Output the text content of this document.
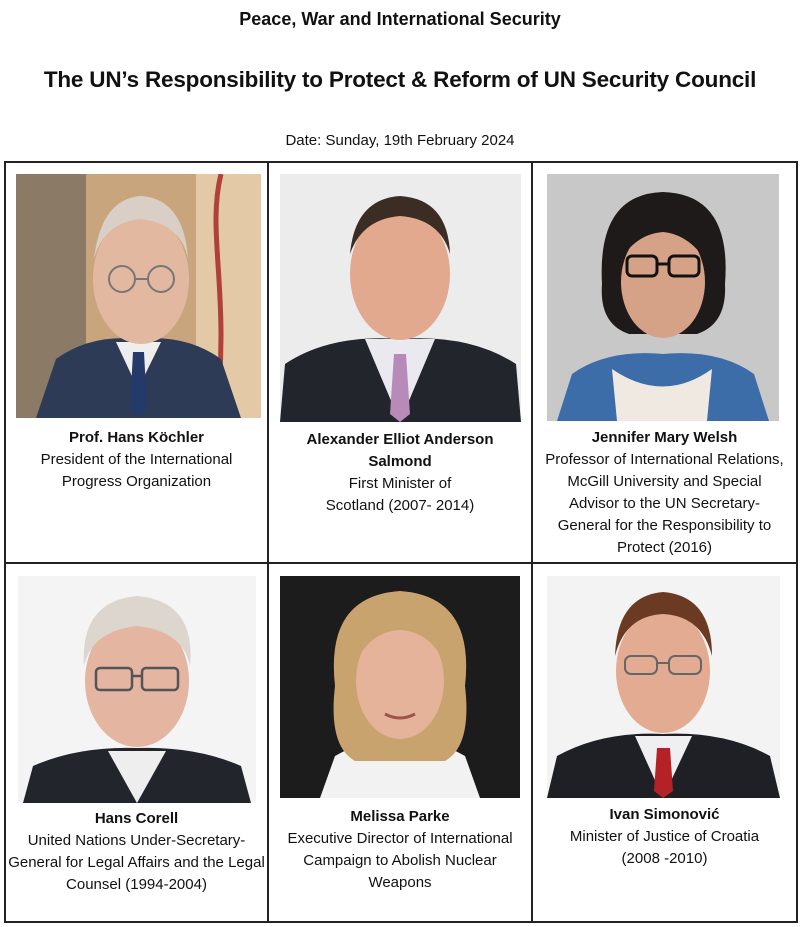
Peace, War and International Security
The UN’s Responsibility to Protect & Reform of UN Security Council
Date: Sunday, 19th February 2024
Prof. Hans Köchler
President of the International Progress Organization
Alexander Elliot Anderson Salmond
First Minister of Scotland (2007- 2014)
Jennifer Mary Welsh
Professor of International Relations, McGill University and Special Advisor to the UN Secretary-General for the Responsibility to Protect (2016)
Hans Corell
United Nations Under-Secretary-General for Legal Affairs and the Legal Counsel (1994-2004)
Melissa Parke
Executive Director of International Campaign to Abolish Nuclear Weapons
Ivan Simonović
Minister of Justice of Croatia (2008 -2010)
